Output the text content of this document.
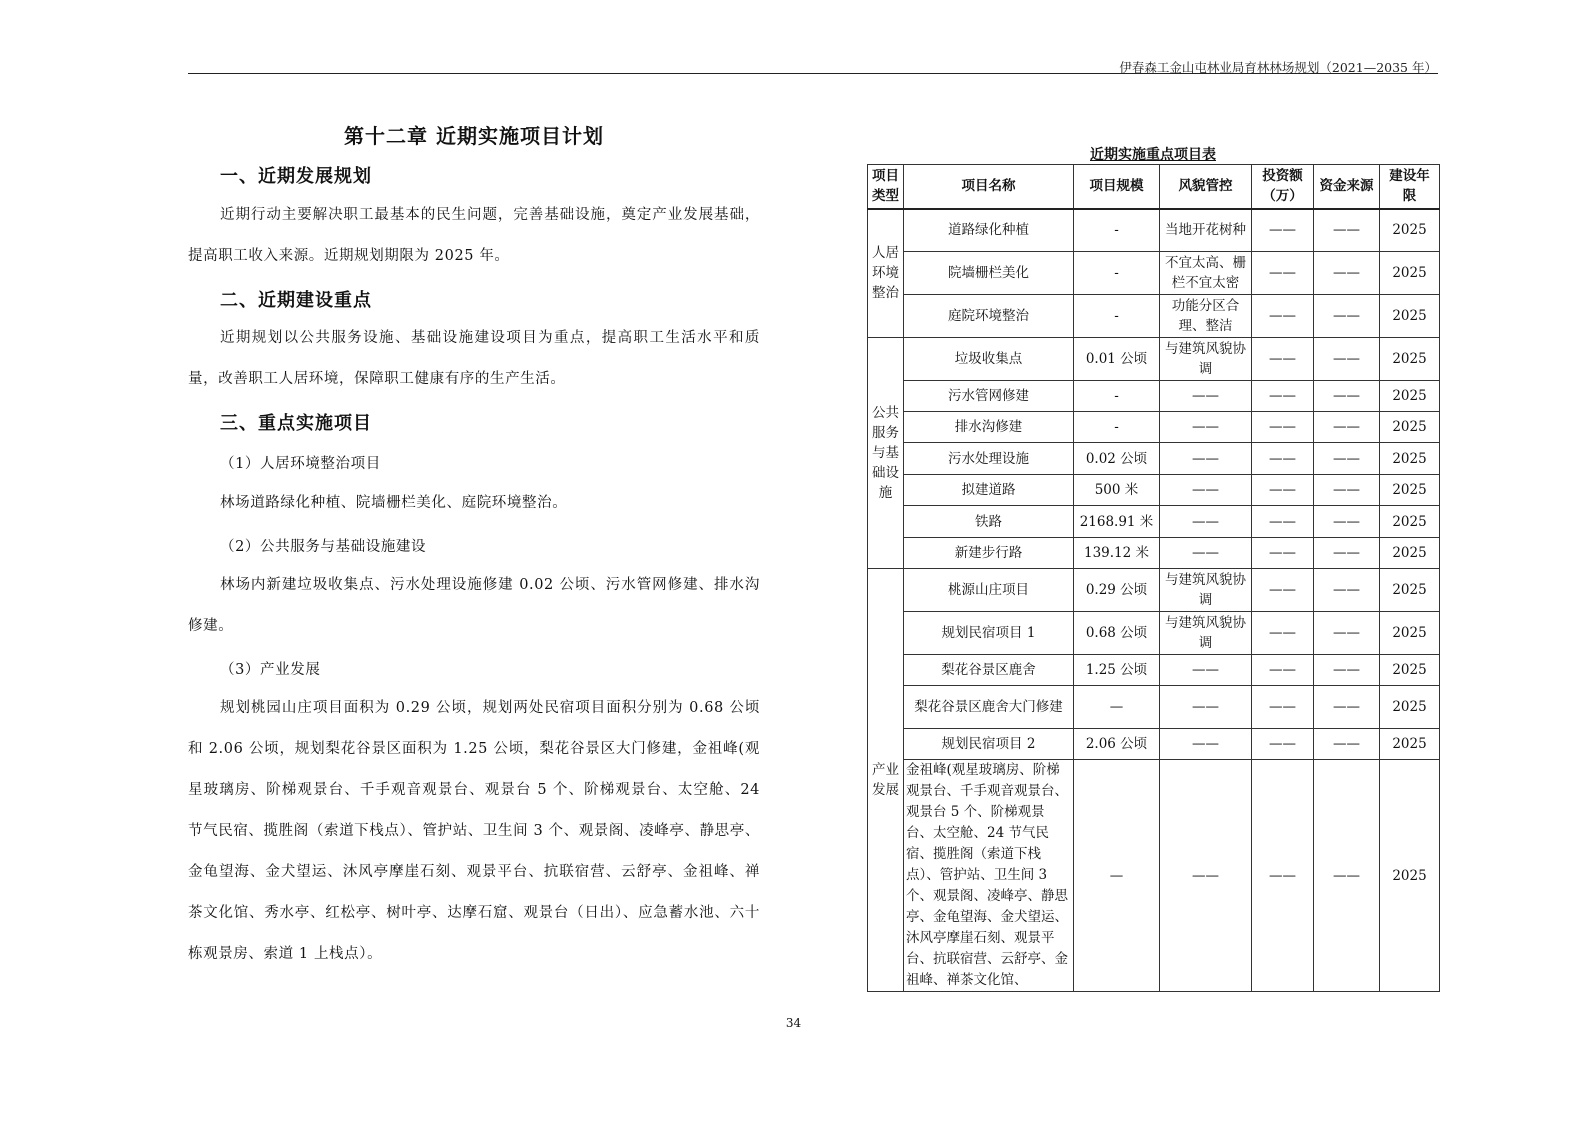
伊春森工金山屯林业局育林林场规划（2021—2035 年）
第十二章 近期实施项目计划
一、近期发展规划
近期行动主要解决职工最基本的民生问题，完善基础设施，奠定产业发展基础，提高职工收入来源。近期规划期限为 2025 年。
二、近期建设重点
近期规划以公共服务设施、基础设施建设项目为重点，提高职工生活水平和质量，改善职工人居环境，保障职工健康有序的生产生活。
三、重点实施项目
（1）人居环境整治项目
林场道路绿化种植、院墙栅栏美化、庭院环境整治。
（2）公共服务与基础设施建设
林场内新建垃圾收集点、污水处理设施修建 0.02 公顷、污水管网修建、排水沟修建。
（3）产业发展
规划桃园山庄项目面积为 0.29 公顷，规划两处民宿项目面积分别为 0.68 公顷和 2.06 公顷，规划梨花谷景区面积为 1.25 公顷，梨花谷景区大门修建，金祖峰(观星玻璃房、阶梯观景台、千手观音观景台、观景台 5 个、阶梯观景台、太空舱、24 节气民宿、揽胜阁（索道下栈点）、管护站、卫生间 3 个、观景阁、凌峰亭、静思亭、金龟望海、金犬望运、沐风亭摩崖石刻、观景平台、抗联宿营、云舒亭、金祖峰、禅茶文化馆、秀水亭、红松亭、树叶亭、达摩石窟、观景台（日出）、应急蓄水池、六十栋观景房、索道 1 上栈点）。
近期实施重点项目表
项目类型	项目名称	项目规模	风貌管控	投资额（万）	资金来源	建设年限
人居环境整治	道路绿化种植	-	当地开花树种	——	——	2025
	院墙栅栏美化	-	不宜太高、栅栏不宜太密	——	——	2025
	庭院环境整治	-	功能分区合理、整洁	——	——	2025
公共服务与基础设施	垃圾收集点	0.01 公顷	与建筑风貌协调	——	——	2025
	污水管网修建	-	——	——	——	2025
	排水沟修建	-	——	——	——	2025
	污水处理设施	0.02 公顷	——	——	——	2025
	拟建道路	500 米	——	——	——	2025
	铁路	2168.91 米	——	——	——	2025
	新建步行路	139.12 米	——	——	——	2025
产业发展	桃源山庄项目	0.29 公顷	与建筑风貌协调	——	——	2025
	规划民宿项目 1	0.68 公顷	与建筑风貌协调	——	——	2025
	梨花谷景区鹿舍	1.25 公顷	——	——	——	2025
	梨花谷景区鹿舍大门修建	—	——	——	——	2025
	规划民宿项目 2	2.06 公顷	——	——	——	2025
	金祖峰(观星玻璃房、阶梯观景台、千手观音观景台、观景台 5 个、阶梯观景台、太空舱、24 节气民宿、揽胜阁（索道下栈点）、管护站、卫生间 3 个、观景阁、凌峰亭、静思亭、金龟望海、金犬望运、沐风亭摩崖石刻、观景平台、抗联宿营、云舒亭、金祖峰、禅茶文化馆、	—	——	——	——	2025
34
